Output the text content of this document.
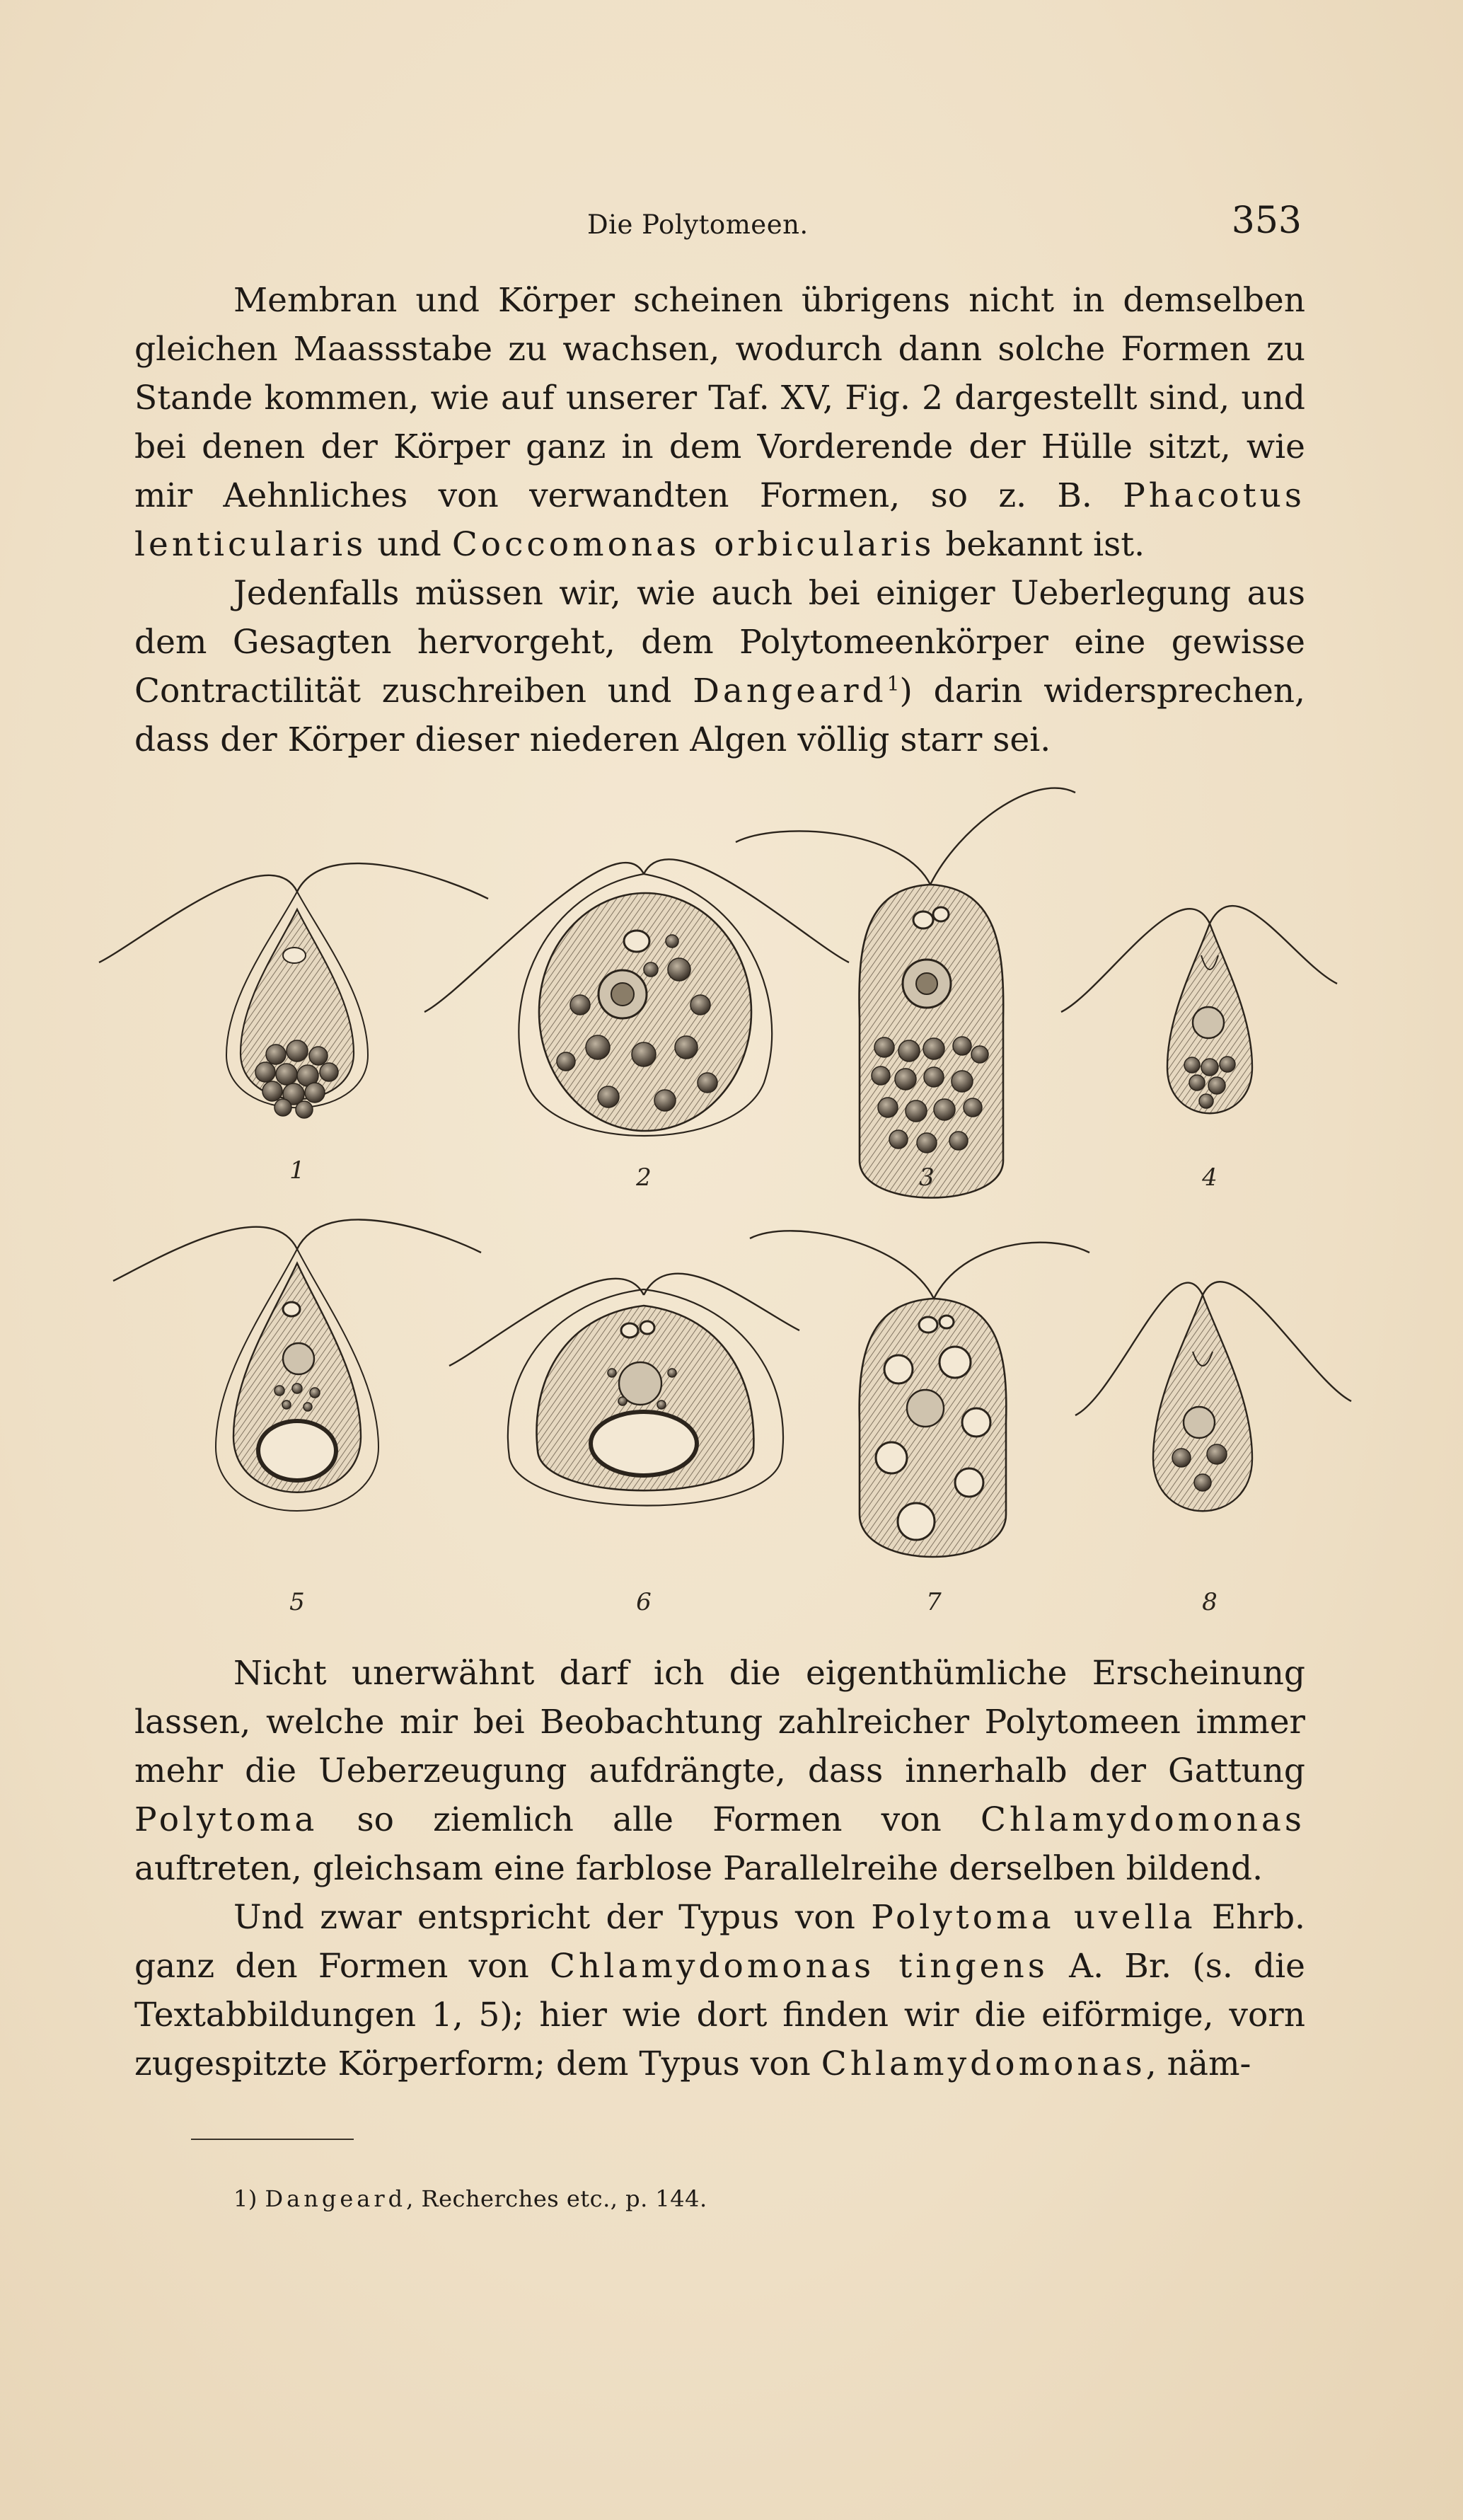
Die Polytomeen.	353

Membran und Körper scheinen übrigens nicht in demselben gleichen Maassstabe zu wachsen, wodurch dann solche Formen zu Stande kommen, wie auf unserer Taf. XV, Fig. 2 dargestellt sind, und bei denen der Körper ganz in dem Vorderende der Hülle sitzt, wie mir Aehnliches von verwandten Formen, so z. B. Phacotus lenticularis und Coccomonas orbicularis bekannt ist.

Jedenfalls müssen wir, wie auch bei einiger Ueberlegung aus dem Gesagten hervorgeht, dem Polytomeenkörper eine gewisse Contractilität zuschreiben und Dangeard$^1$) darin widersprechen, dass der Körper dieser niederen Algen völlig starr sei.

1	2	3	4
5	6	7	8

Nicht unerwähnt darf ich die eigenthümliche Erscheinung lassen, welche mir bei Beobachtung zahlreicher Polytomeen immer mehr die Ueberzeugung aufdrängte, dass innerhalb der Gattung Polytoma so ziemlich alle Formen von Chlamydomonas auftreten, gleichsam eine farblose Parallelreihe derselben bildend.

Und zwar entspricht der Typus von Polytoma uvella Ehrb. ganz den Formen von Chlamydomonas tingens A. Br. (s. die Textabbildungen 1, 5); hier wie dort finden wir die eiförmige, vorn zugespitzte Körperform; dem Typus von Chlamydomonas, näm-

1) Dangeard, Recherches etc., p. 144.
